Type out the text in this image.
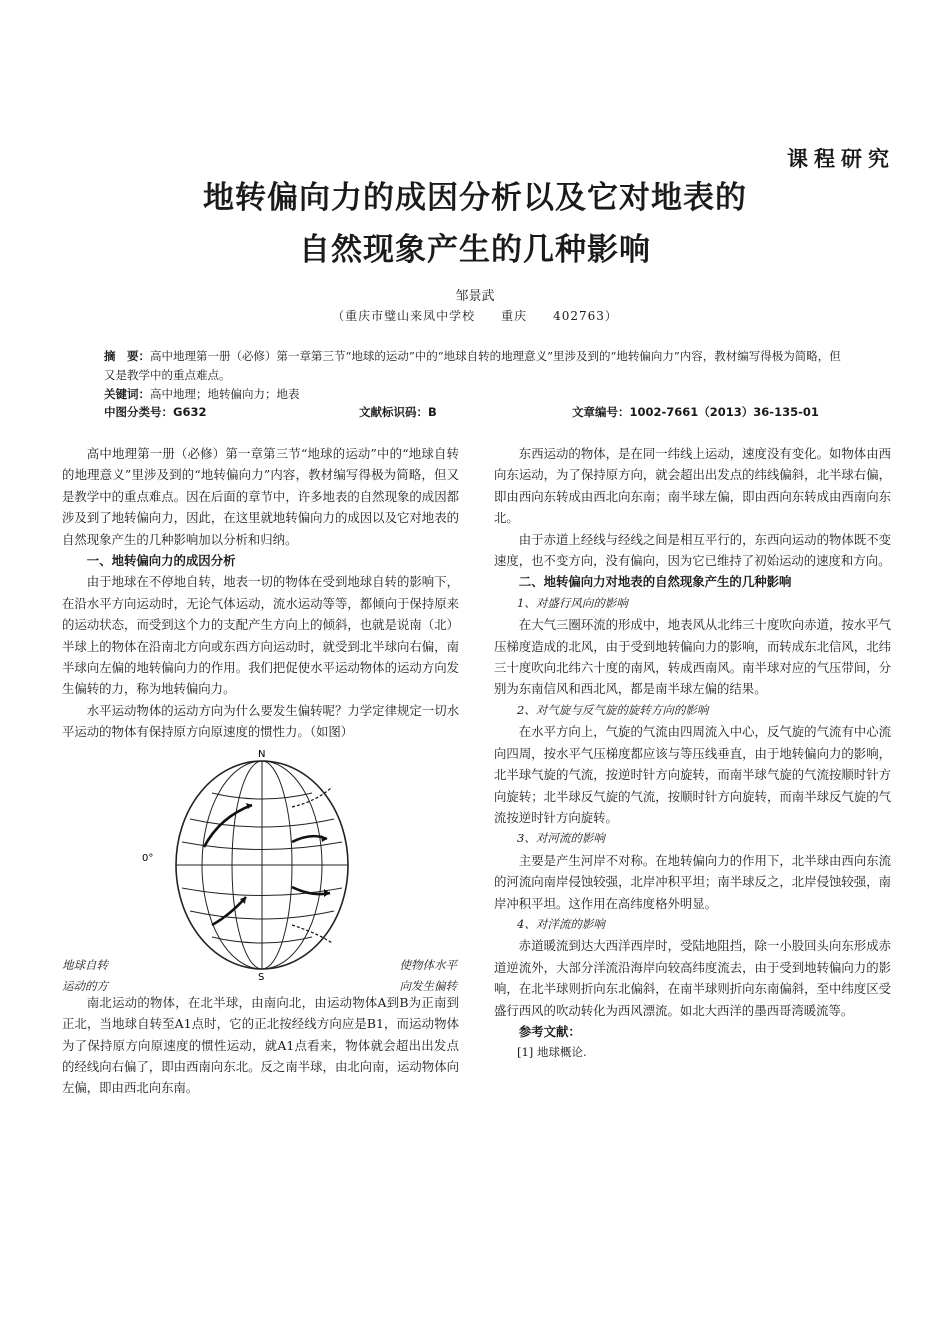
课程研究
地转偏向力的成因分析以及它对地表的
自然现象产生的几种影响
邹景武
（重庆市璧山来凤中学校　　重庆　　402763）
摘　要：高中地理第一册（必修）第一章第三节“地球的运动”中的“地球自转的地理意义”里涉及到的“地转偏向力”内容，教材编写得极为简略，但又是教学中的重点难点。
关键词：高中地理；地转偏向力；地表
中图分类号：G632	文献标识码：B	文章编号：1002-7661（2013）36-135-01

高中地理第一册（必修）第一章第三节“地球的运动”中的“地球自转的地理意义”里涉及到的“地转偏向力”内容，教材编写得极为简略，但又是教学中的重点难点。因在后面的章节中，许多地表的自然现象的成因都涉及到了地转偏向力，因此，在这里就地转偏向力的成因以及它对地表的自然现象产生的几种影响加以分析和归纳。

一、地转偏向力的成因分析

由于地球在不停地自转，地表一切的物体在受到地球自转的影响下，在沿水平方向运动时，无论气体运动，流水运动等等，都倾向于保持原来的运动状态，而受到这个力的支配产生方向上的倾斜，也就是说南（北）半球上的物体在沿南北方向或东西方向运动时，就受到北半球向右偏，南半球向左偏的地转偏向力的作用。我们把促使水平运动物体的运动方向发生偏转的力，称为地转偏向力。

水平运动物体的运动方向为什么要发生偏转呢？力学定律规定一切水平运动的物体有保持原方向原速度的惯性力。（如图）

N
S
0°
地球自转
运动的方
使物体水平
向发生偏转

南北运动的物体，在北半球，由南向北，由运动物体A到B为正南到正北，当地球自转至A1点时，它的正北按经线方向应是B1，而运动物体为了保持原方向原速度的惯性运动，就A1点看来，物体就会超出出发点的经线向右偏了，即由西南向东北。反之南半球，由北向南，运动物体向左偏，即由西北向东南。

东西运动的物体，是在同一纬线上运动，速度没有变化。如物体由西向东运动，为了保持原方向，就会超出出发点的纬线偏斜，北半球右偏，即由西向东转成由西北向东南；南半球左偏，即由西向东转成由西南向东北。

由于赤道上经线与经线之间是相互平行的，东西向运动的物体既不变速度，也不变方向，没有偏向，因为它已维持了初始运动的速度和方向。

二、地转偏向力对地表的自然现象产生的几种影响

1、对盛行风向的影响

在大气三圈环流的形成中，地表风从北纬三十度吹向赤道，按水平气压梯度造成的北风，由于受到地转偏向力的影响，而转成东北信风，北纬三十度吹向北纬六十度的南风，转成西南风。南半球对应的气压带间，分别为东南信风和西北风，都是南半球左偏的结果。

2、对气旋与反气旋的旋转方向的影响

在水平方向上，气旋的气流由四周流入中心，反气旋的气流有中心流向四周，按水平气压梯度都应该与等压线垂直，由于地转偏向力的影响，北半球气旋的气流，按逆时针方向旋转，而南半球气旋的气流按顺时针方向旋转；北半球反气旋的气流，按顺时针方向旋转，而南半球反气旋的气流按逆时针方向旋转。

3、对河流的影响

主要是产生河岸不对称。在地转偏向力的作用下，北半球由西向东流的河流向南岸侵蚀较强，北岸冲积平坦；南半球反之，北岸侵蚀较强，南岸冲积平坦。这作用在高纬度格外明显。

4、对洋流的影响

赤道暖流到达大西洋西岸时，受陆地阻挡，除一小股回头向东形成赤道逆流外，大部分洋流沿海岸向较高纬度流去，由于受到地转偏向力的影响，在北半球则折向东北偏斜，在南半球则折向东南偏斜，至中纬度区受盛行西风的吹动转化为西风漂流。如北大西洋的墨西哥湾暖流等。

参考文献：

[1] 地球概论.
